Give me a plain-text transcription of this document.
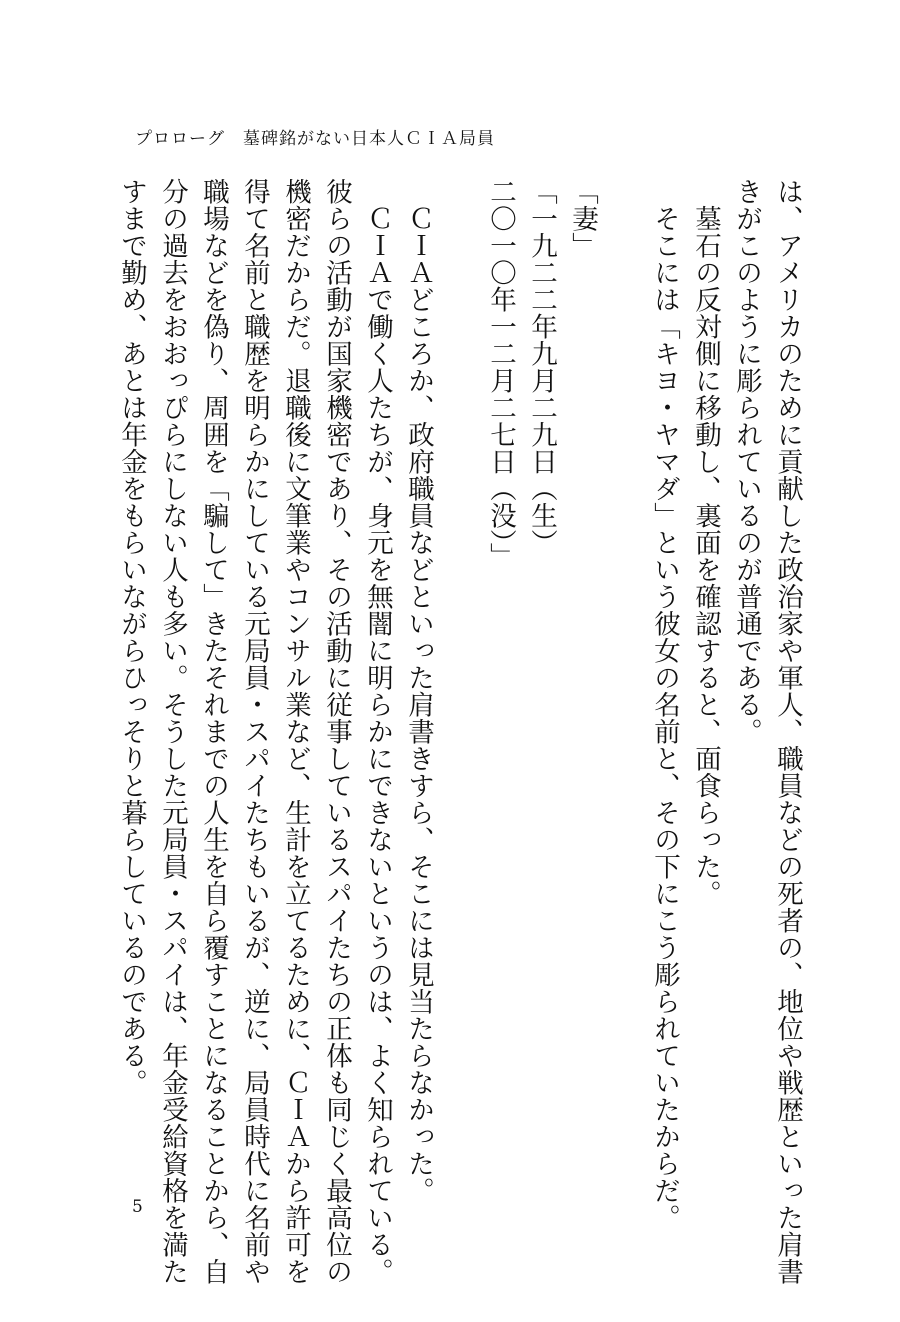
プロローグ　墓碑銘がない日本人ＣＩＡ局員

は、アメリカのために貢献した政治家や軍人、職員などの死者の、地位や戦歴といった肩書

きがこのように彫られているのが普通である。

　墓石の反対側に移動し、裏面を確認すると、面食らった。

　そこには「キヨ・ヤマダ」という彼女の名前と、その下にこう彫られていたからだ。

「妻」

「一九二二年九月二九日（生）

二〇一〇年一二月二七日（没）」

　ＣＩＡどころか、政府職員などといった肩書きすら、そこには見当たらなかった。

　ＣＩＡで働く人たちが、身元を無闇に明らかにできないというのは、よく知られている。

彼らの活動が国家機密であり、その活動に従事しているスパイたちの正体も同じく最高位の

機密だからだ。退職後に文筆業やコンサル業など、生計を立てるために、ＣＩＡから許可を

得て名前と職歴を明らかにしている元局員・スパイたちもいるが、逆に、局員時代に名前や

職場などを偽り、周囲を「騙して」きたそれまでの人生を自ら覆すことになることから、自

分の過去をおおっぴらにしない人も多い。そうした元局員・スパイは、年金受給資格を満た

すまで勤め、あとは年金をもらいながらひっそりと暮らしているのである。

5
